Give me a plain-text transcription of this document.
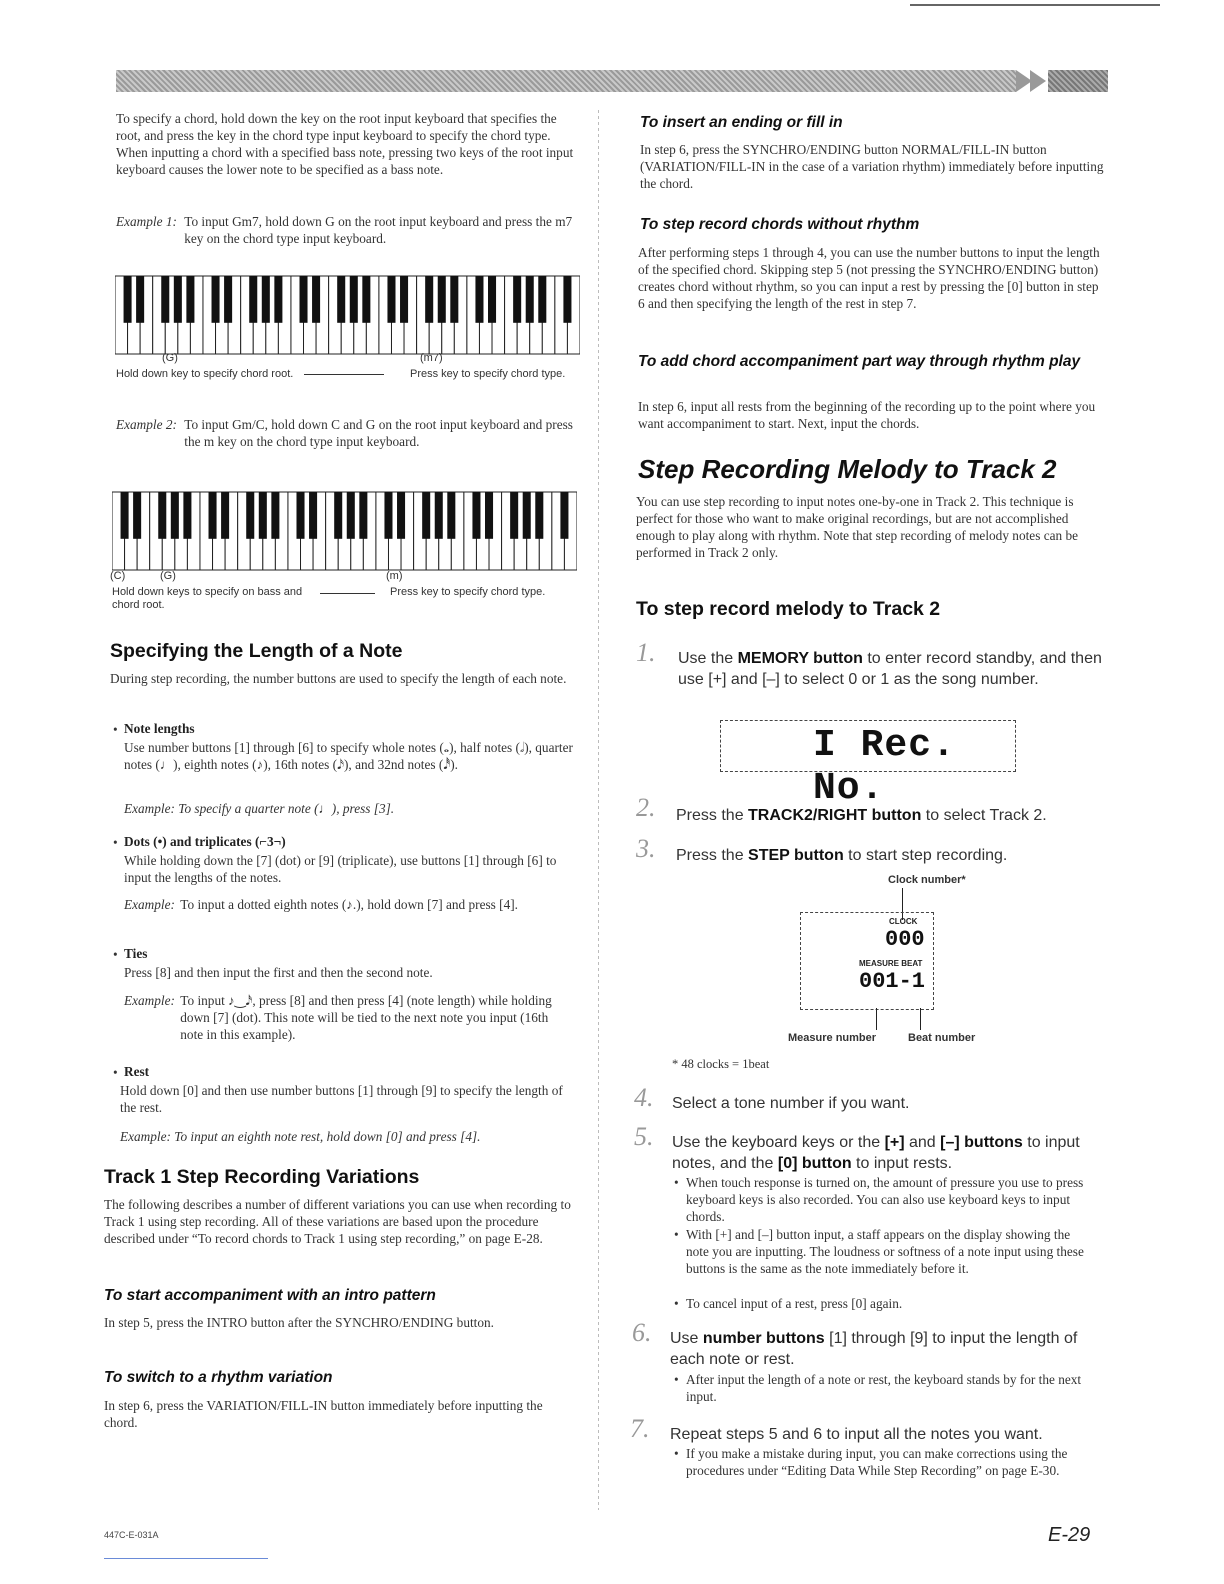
To specify a chord, hold down the key on the root input keyboard that specifies the root, and press the key in the chord type input keyboard to specify the chord type. When inputting a chord with a specified bass note, pressing two keys of the root input keyboard causes the lower note to be specified as a bass note.
Example 1: To input Gm7, hold down G on the root input keyboard and press the m7 key on the chord type input keyboard.
(G)	(m7)
Hold down key to specify chord root.	Press key to specify chord type.
Example 2: To input Gm/C, hold down C and G on the root input keyboard and press the m key on the chord type input keyboard.
(C)	(G)	(m)
Hold down keys to specify on bass and chord root.
Press key to specify chord type.
Specifying the Length of a Note
During step recording, the number buttons are used to specify the length of each note.
• Note lengths
Use number buttons [1] through [6] to specify whole notes (𝅝), half notes (𝅗𝅥), quarter notes (♩), eighth notes (♪), 16th notes (𝅘𝅥𝅯), and 32nd notes (𝅘𝅥𝅰).
Example: To specify a quarter note (♩), press [3].
• Dots (•) and triplicates (⌐3¬)
While holding down the [7] (dot) or [9] (triplicate), use buttons [1] through [6] to input the lengths of the notes.
Example: To input a dotted eighth notes (♪.), hold down [7] and press [4].
• Ties
Press [8] and then input the first and then the second note.
Example: To input ♪‿𝅘𝅥𝅯, press [8] and then press [4] (note length) while holding down [7] (dot). This note will be tied to the next note you input (16th note in this example).
• Rest
Hold down [0] and then use number buttons [1] through [9] to specify the length of the rest.
Example: To input an eighth note rest, hold down [0] and press [4].
Track 1 Step Recording Variations
The following describes a number of different variations you can use when recording to Track 1 using step recording. All of these variations are based upon the procedure described under “To record chords to Track 1 using step recording,” on page E-28.
To start accompaniment with an intro pattern
In step 5, press the INTRO button after the SYNCHRO/ENDING button.
To switch to a rhythm variation
In step 6, press the VARIATION/FILL-IN button immediately before inputting the chord.
To insert an ending or fill in
In step 6, press the SYNCHRO/ENDING button NORMAL/FILL-IN button (VARIATION/FILL-IN in the case of a variation rhythm) immediately before inputting the chord.
To step record chords without rhythm
After performing steps 1 through 4, you can use the number buttons to input the length of the specified chord. Skipping step 5 (not pressing the SYNCHRO/ENDING button) creates chord without rhythm, so you can input a rest by pressing the [0] button in step 6 and then specifying the length of the rest in step 7.
To add chord accompaniment part way through rhythm play
In step 6, input all rests from the beginning of the recording up to the point where you want accompaniment to start. Next, input the chords.
Step Recording Melody to Track 2
You can use step recording to input notes one-by-one in Track 2. This technique is perfect for those who want to make original recordings, but are not accomplished enough to play along with rhythm. Note that step recording of melody notes can be performed in Track 2 only.
To step record melody to Track 2
1. Use the MEMORY button to enter record standby, and then use [+] and [–] to select 0 or 1 as the song number.
I Rec. No.
2. Press the TRACK2/RIGHT button to select Track 2.
3. Press the STEP button to start step recording.
Clock number*
CLOCK
000
MEASURE BEAT
001-1
Measure number	Beat number
* 48 clocks = 1beat
4. Select a tone number if you want.
5. Use the keyboard keys or the [+] and [–] buttons to input notes, and the [0] button to input rests.
• When touch response is turned on, the amount of pressure you use to press keyboard keys is also recorded. You can also use keyboard keys to input chords.
• With [+] and [–] button input, a staff appears on the display showing the note you are inputting. The loudness or softness of a note input using these buttons is the same as the note immediately before it.
• To cancel input of a rest, press [0] again.
6. Use number buttons [1] through [9] to input the length of each note or rest.
• After input the length of a note or rest, the keyboard stands by for the next input.
7. Repeat steps 5 and 6 to input all the notes you want.
• If you make a mistake during input, you can make corrections using the procedures under “Editing Data While Step Recording” on page E-30.
447C-E-031A	E-29
